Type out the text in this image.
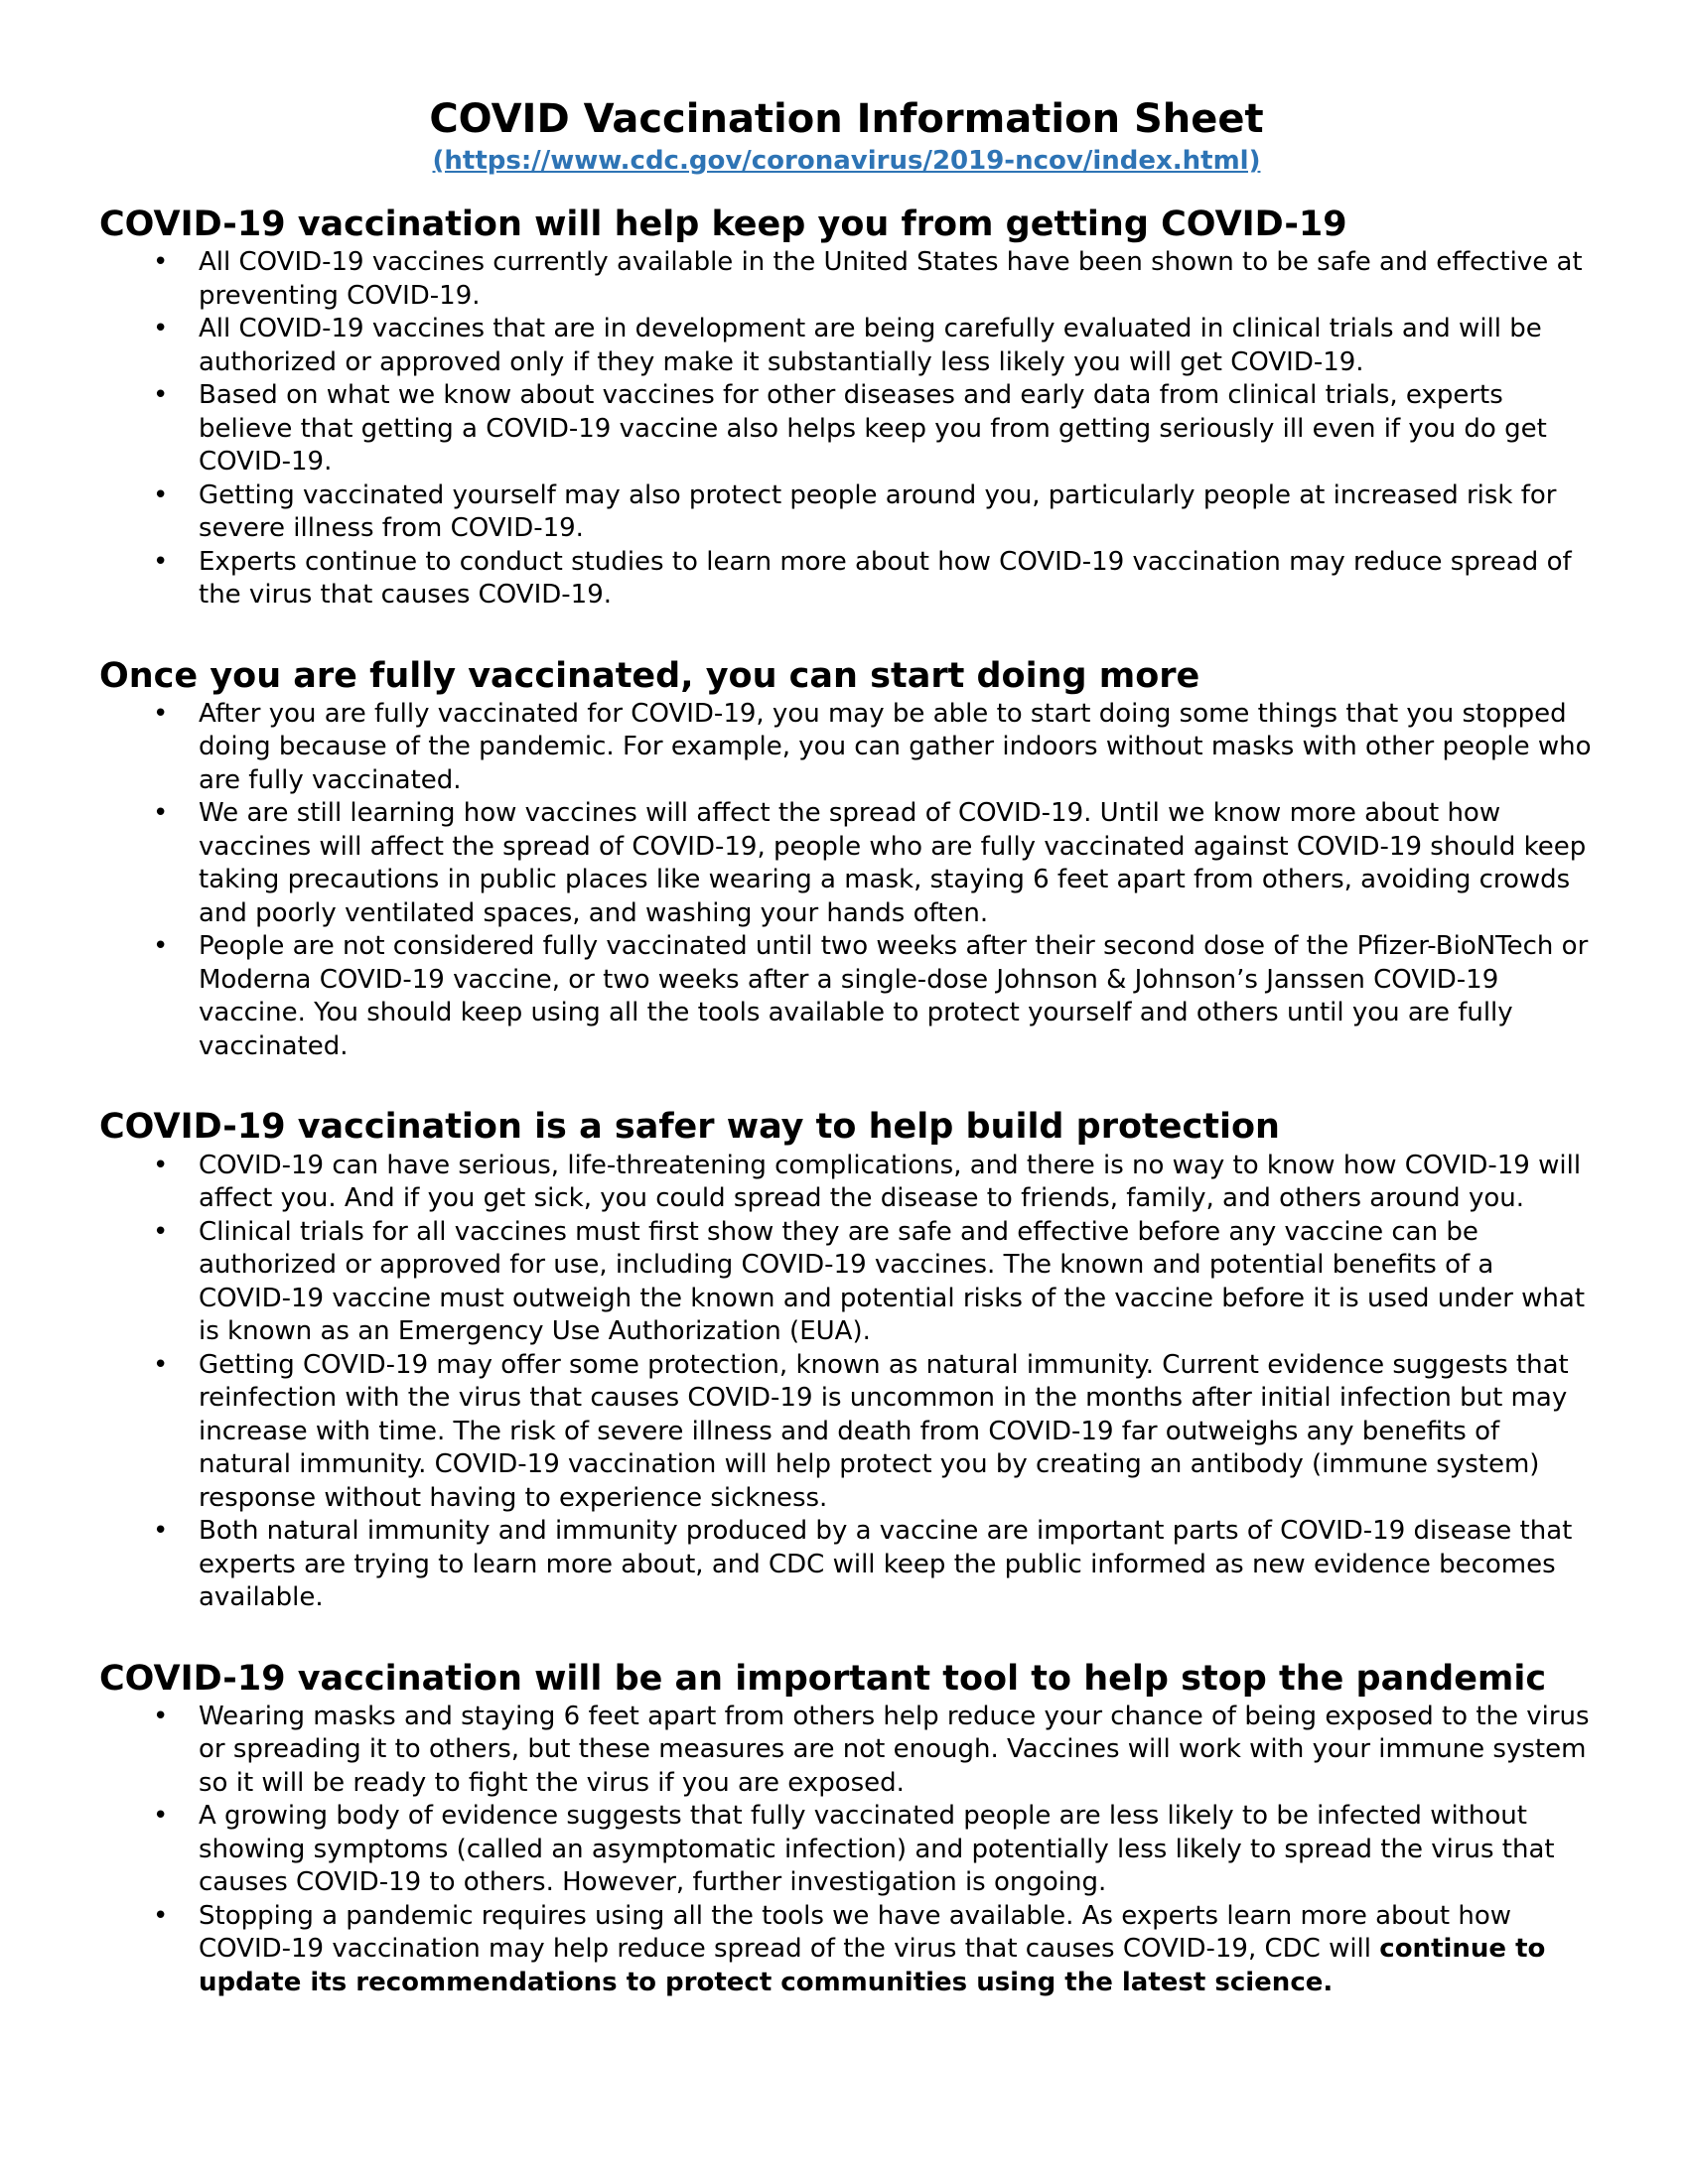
COVID Vaccination Information Sheet
(https://www.cdc.gov/coronavirus/2019-ncov/index.html)
COVID-19 vaccination will help keep you from getting COVID-19
• All COVID-19 vaccines currently available in the United States have been shown to be safe and effective at preventing COVID-19.
• All COVID-19 vaccines that are in development are being carefully evaluated in clinical trials and will be authorized or approved only if they make it substantially less likely you will get COVID-19.
• Based on what we know about vaccines for other diseases and early data from clinical trials, experts believe that getting a COVID-19 vaccine also helps keep you from getting seriously ill even if you do get COVID-19.
• Getting vaccinated yourself may also protect people around you, particularly people at increased risk for severe illness from COVID-19.
• Experts continue to conduct studies to learn more about how COVID-19 vaccination may reduce spread of the virus that causes COVID-19.
Once you are fully vaccinated, you can start doing more
• After you are fully vaccinated for COVID-19, you may be able to start doing some things that you stopped doing because of the pandemic. For example, you can gather indoors without masks with other people who are fully vaccinated.
• We are still learning how vaccines will affect the spread of COVID-19. Until we know more about how vaccines will affect the spread of COVID-19, people who are fully vaccinated against COVID-19 should keep taking precautions in public places like wearing a mask, staying 6 feet apart from others, avoiding crowds and poorly ventilated spaces, and washing your hands often.
• People are not considered fully vaccinated until two weeks after their second dose of the Pfizer-BioNTech or Moderna COVID-19 vaccine, or two weeks after a single-dose Johnson & Johnson’s Janssen COVID-19 vaccine. You should keep using all the tools available to protect yourself and others until you are fully vaccinated.
COVID-19 vaccination is a safer way to help build protection
• COVID-19 can have serious, life-threatening complications, and there is no way to know how COVID-19 will affect you. And if you get sick, you could spread the disease to friends, family, and others around you.
• Clinical trials for all vaccines must first show they are safe and effective before any vaccine can be authorized or approved for use, including COVID-19 vaccines. The known and potential benefits of a COVID-19 vaccine must outweigh the known and potential risks of the vaccine before it is used under what is known as an Emergency Use Authorization (EUA).
• Getting COVID-19 may offer some protection, known as natural immunity. Current evidence suggests that reinfection with the virus that causes COVID-19 is uncommon in the months after initial infection but may increase with time. The risk of severe illness and death from COVID-19 far outweighs any benefits of natural immunity. COVID-19 vaccination will help protect you by creating an antibody (immune system) response without having to experience sickness.
• Both natural immunity and immunity produced by a vaccine are important parts of COVID-19 disease that experts are trying to learn more about, and CDC will keep the public informed as new evidence becomes available.
COVID-19 vaccination will be an important tool to help stop the pandemic
• Wearing masks and staying 6 feet apart from others help reduce your chance of being exposed to the virus or spreading it to others, but these measures are not enough. Vaccines will work with your immune system so it will be ready to fight the virus if you are exposed.
• A growing body of evidence suggests that fully vaccinated people are less likely to be infected without showing symptoms (called an asymptomatic infection) and potentially less likely to spread the virus that causes COVID-19 to others. However, further investigation is ongoing.
• Stopping a pandemic requires using all the tools we have available. As experts learn more about how COVID-19 vaccination may help reduce spread of the virus that causes COVID-19, CDC will continue to update its recommendations to protect communities using the latest science.
